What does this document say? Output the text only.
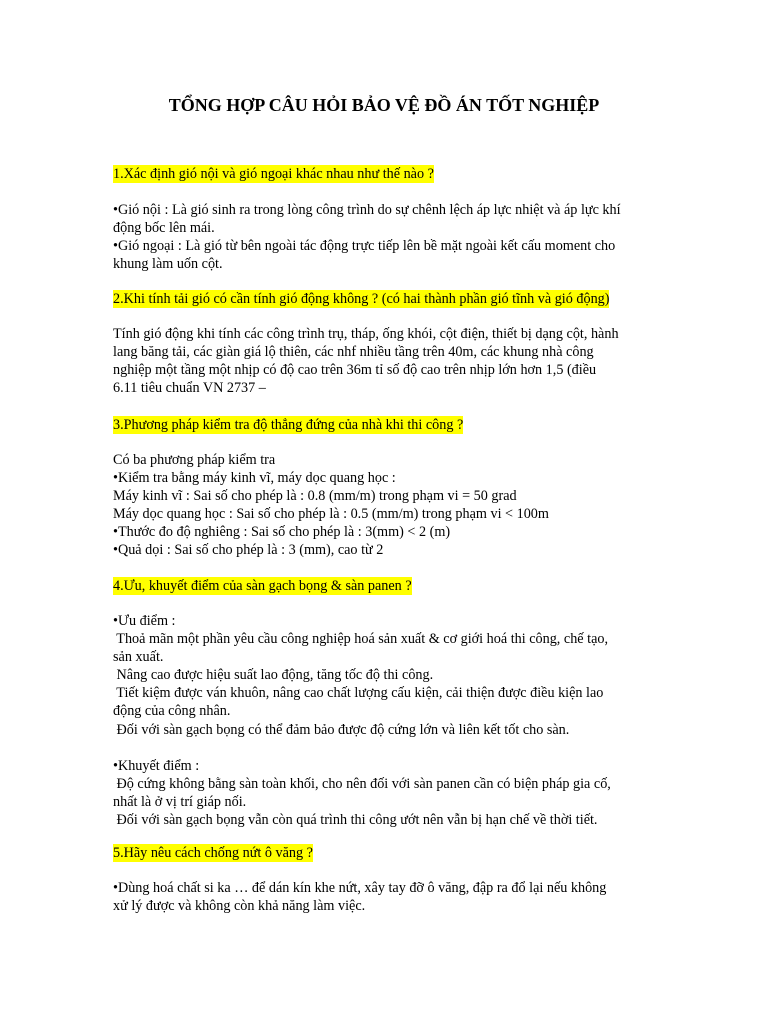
TỔNG HỢP CÂU HỎI BẢO VỆ ĐỒ ÁN TỐT NGHIỆP
1.Xác định gió nội và gió ngoại khác nhau như thế nào ?

•Gió nội : Là gió sinh ra trong lòng công trình do sự chênh lệch áp lực nhiệt và áp lực khí

động bốc lên mái.

•Gió ngoại : Là gió từ bên ngoài tác động trực tiếp lên bề mặt ngoài kết cấu moment cho

khung làm uốn cột.

2.Khi tính tải gió có cần tính gió động không ? (có hai thành phần gió tĩnh và gió động)

Tính gió động khi tính các công trình trụ, tháp, ống khói, cột điện, thiết bị dạng cột, hành

lang băng tải, các giàn giá lộ thiên, các nhf nhiều tầng trên 40m, các khung nhà công

nghiệp một tầng một nhịp có độ cao trên 36m tỉ số độ cao trên nhịp lớn hơn 1,5 (điều

6.11 tiêu chuẩn VN 2737 –

3.Phương pháp kiểm tra độ thẳng đứng của nhà khi thi công ?

Có ba phương pháp kiểm tra

•Kiểm tra bằng máy kinh vĩ, máy dọc quang học :

Máy kinh vĩ : Sai số cho phép là : 0.8 (mm/m) trong phạm vi = 50 grad

Máy dọc quang học : Sai số cho phép là : 0.5 (mm/m) trong phạm vi < 100m

•Thước đo độ nghiêng : Sai số cho phép là : 3(mm) < 2 (m)

•Quả dọi : Sai số cho phép là : 3 (mm), cao từ 2

4.Ưu, khuyết điểm của sàn gạch bọng & sàn panen ?

•Ưu điểm :

Thoả mãn một phần yêu cầu công nghiệp hoá sản xuất & cơ giới hoá thi công, chế tạo,

sản xuất.

Nâng cao được hiệu suất lao động, tăng tốc độ thi công.

Tiết kiệm được ván khuôn, nâng cao chất lượng cấu kiện, cải thiện được điều kiện lao

động của công nhân.

Đối với sàn gạch bọng có thể đảm bảo được độ cứng lớn và liên kết tốt cho sàn.

•Khuyết điểm :

Độ cứng không bằng sàn toàn khối, cho nên đối với sàn panen cần có biện pháp gia cố,

nhất là ở vị trí giáp nối.

Đối với sàn gạch bọng vẫn còn quá trình thi công ướt nên vẫn bị hạn chế về thời tiết.

5.Hãy nêu cách chống nứt ô văng ?

•Dùng hoá chất si ka … để dán kín khe nứt, xây tay đỡ ô văng, đập ra đổ lại nếu không

xử lý được và không còn khả năng làm việc.
